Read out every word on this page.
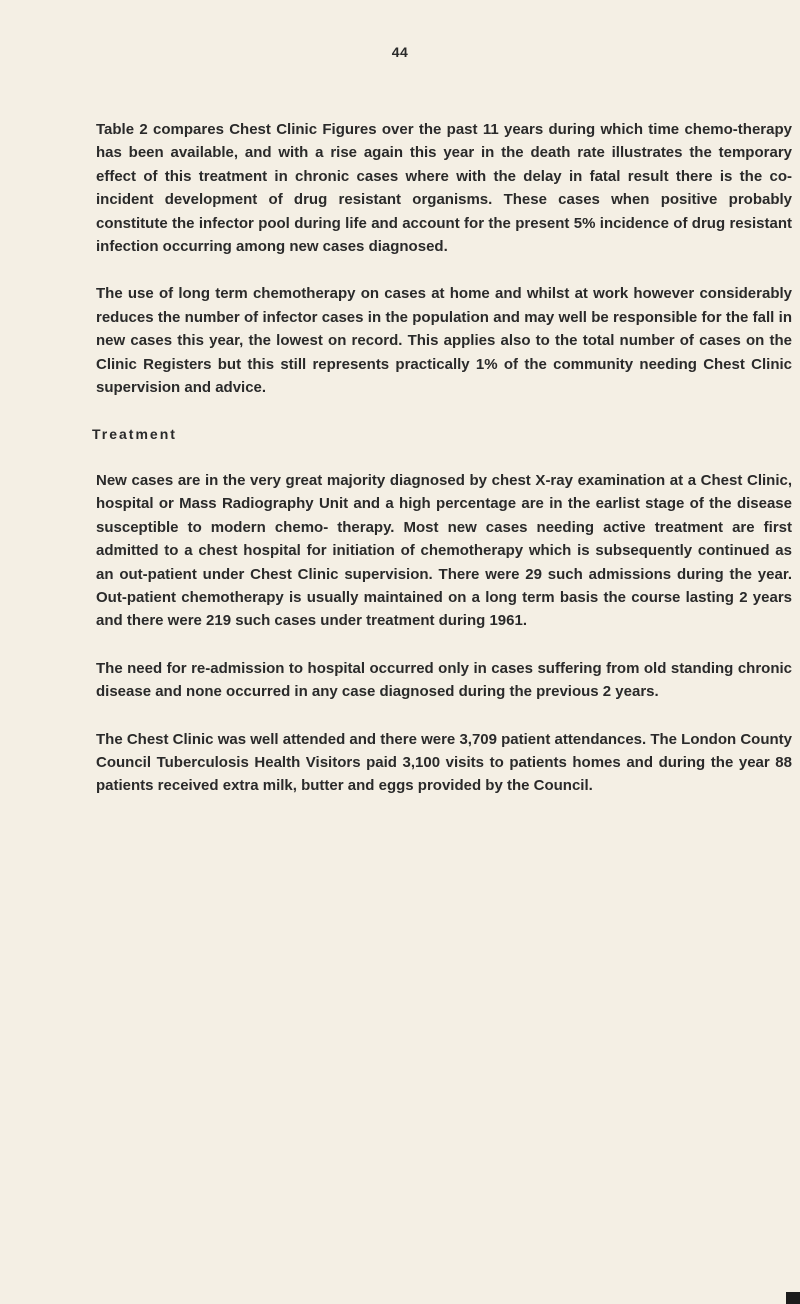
44

Table 2 compares Chest Clinic Figures over the past 11 years during which time chemo-therapy has been available, and with a rise again this year in the death rate illustrates the temporary effect of this treatment in chronic cases where with the delay in fatal result there is the co-incident development of drug resistant organisms. These cases when positive probably constitute the infector pool during life and account for the present 5% incidence of drug resistant infection occurring among new cases diagnosed.

The use of long term chemotherapy on cases at home and whilst at work however considerably reduces the number of infector cases in the population and may well be responsible for the fall in new cases this year, the lowest on record. This applies also to the total number of cases on the Clinic Registers but this still represents practically 1% of the community needing Chest Clinic supervision and advice.

Treatment

New cases are in the very great majority diagnosed by chest X-ray examination at a Chest Clinic, hospital or Mass Radiography Unit and a high percentage are in the earlist stage of the disease susceptible to modern chemo- therapy. Most new cases needing active treatment are first admitted to a chest hospital for initiation of chemotherapy which is subsequently continued as an out-patient under Chest Clinic supervision. There were 29 such admissions during the year. Out-patient chemotherapy is usually maintained on a long term basis the course lasting 2 years and there were 219 such cases under treatment during 1961.

The need for re-admission to hospital occurred only in cases suffering from old standing chronic disease and none occurred in any case diagnosed during the previous 2 years.

The Chest Clinic was well attended and there were 3,709 patient attendances. The London County Council Tuberculosis Health Visitors paid 3,100 visits to patients homes and during the year 88 patients received extra milk, butter and eggs provided by the Council.
